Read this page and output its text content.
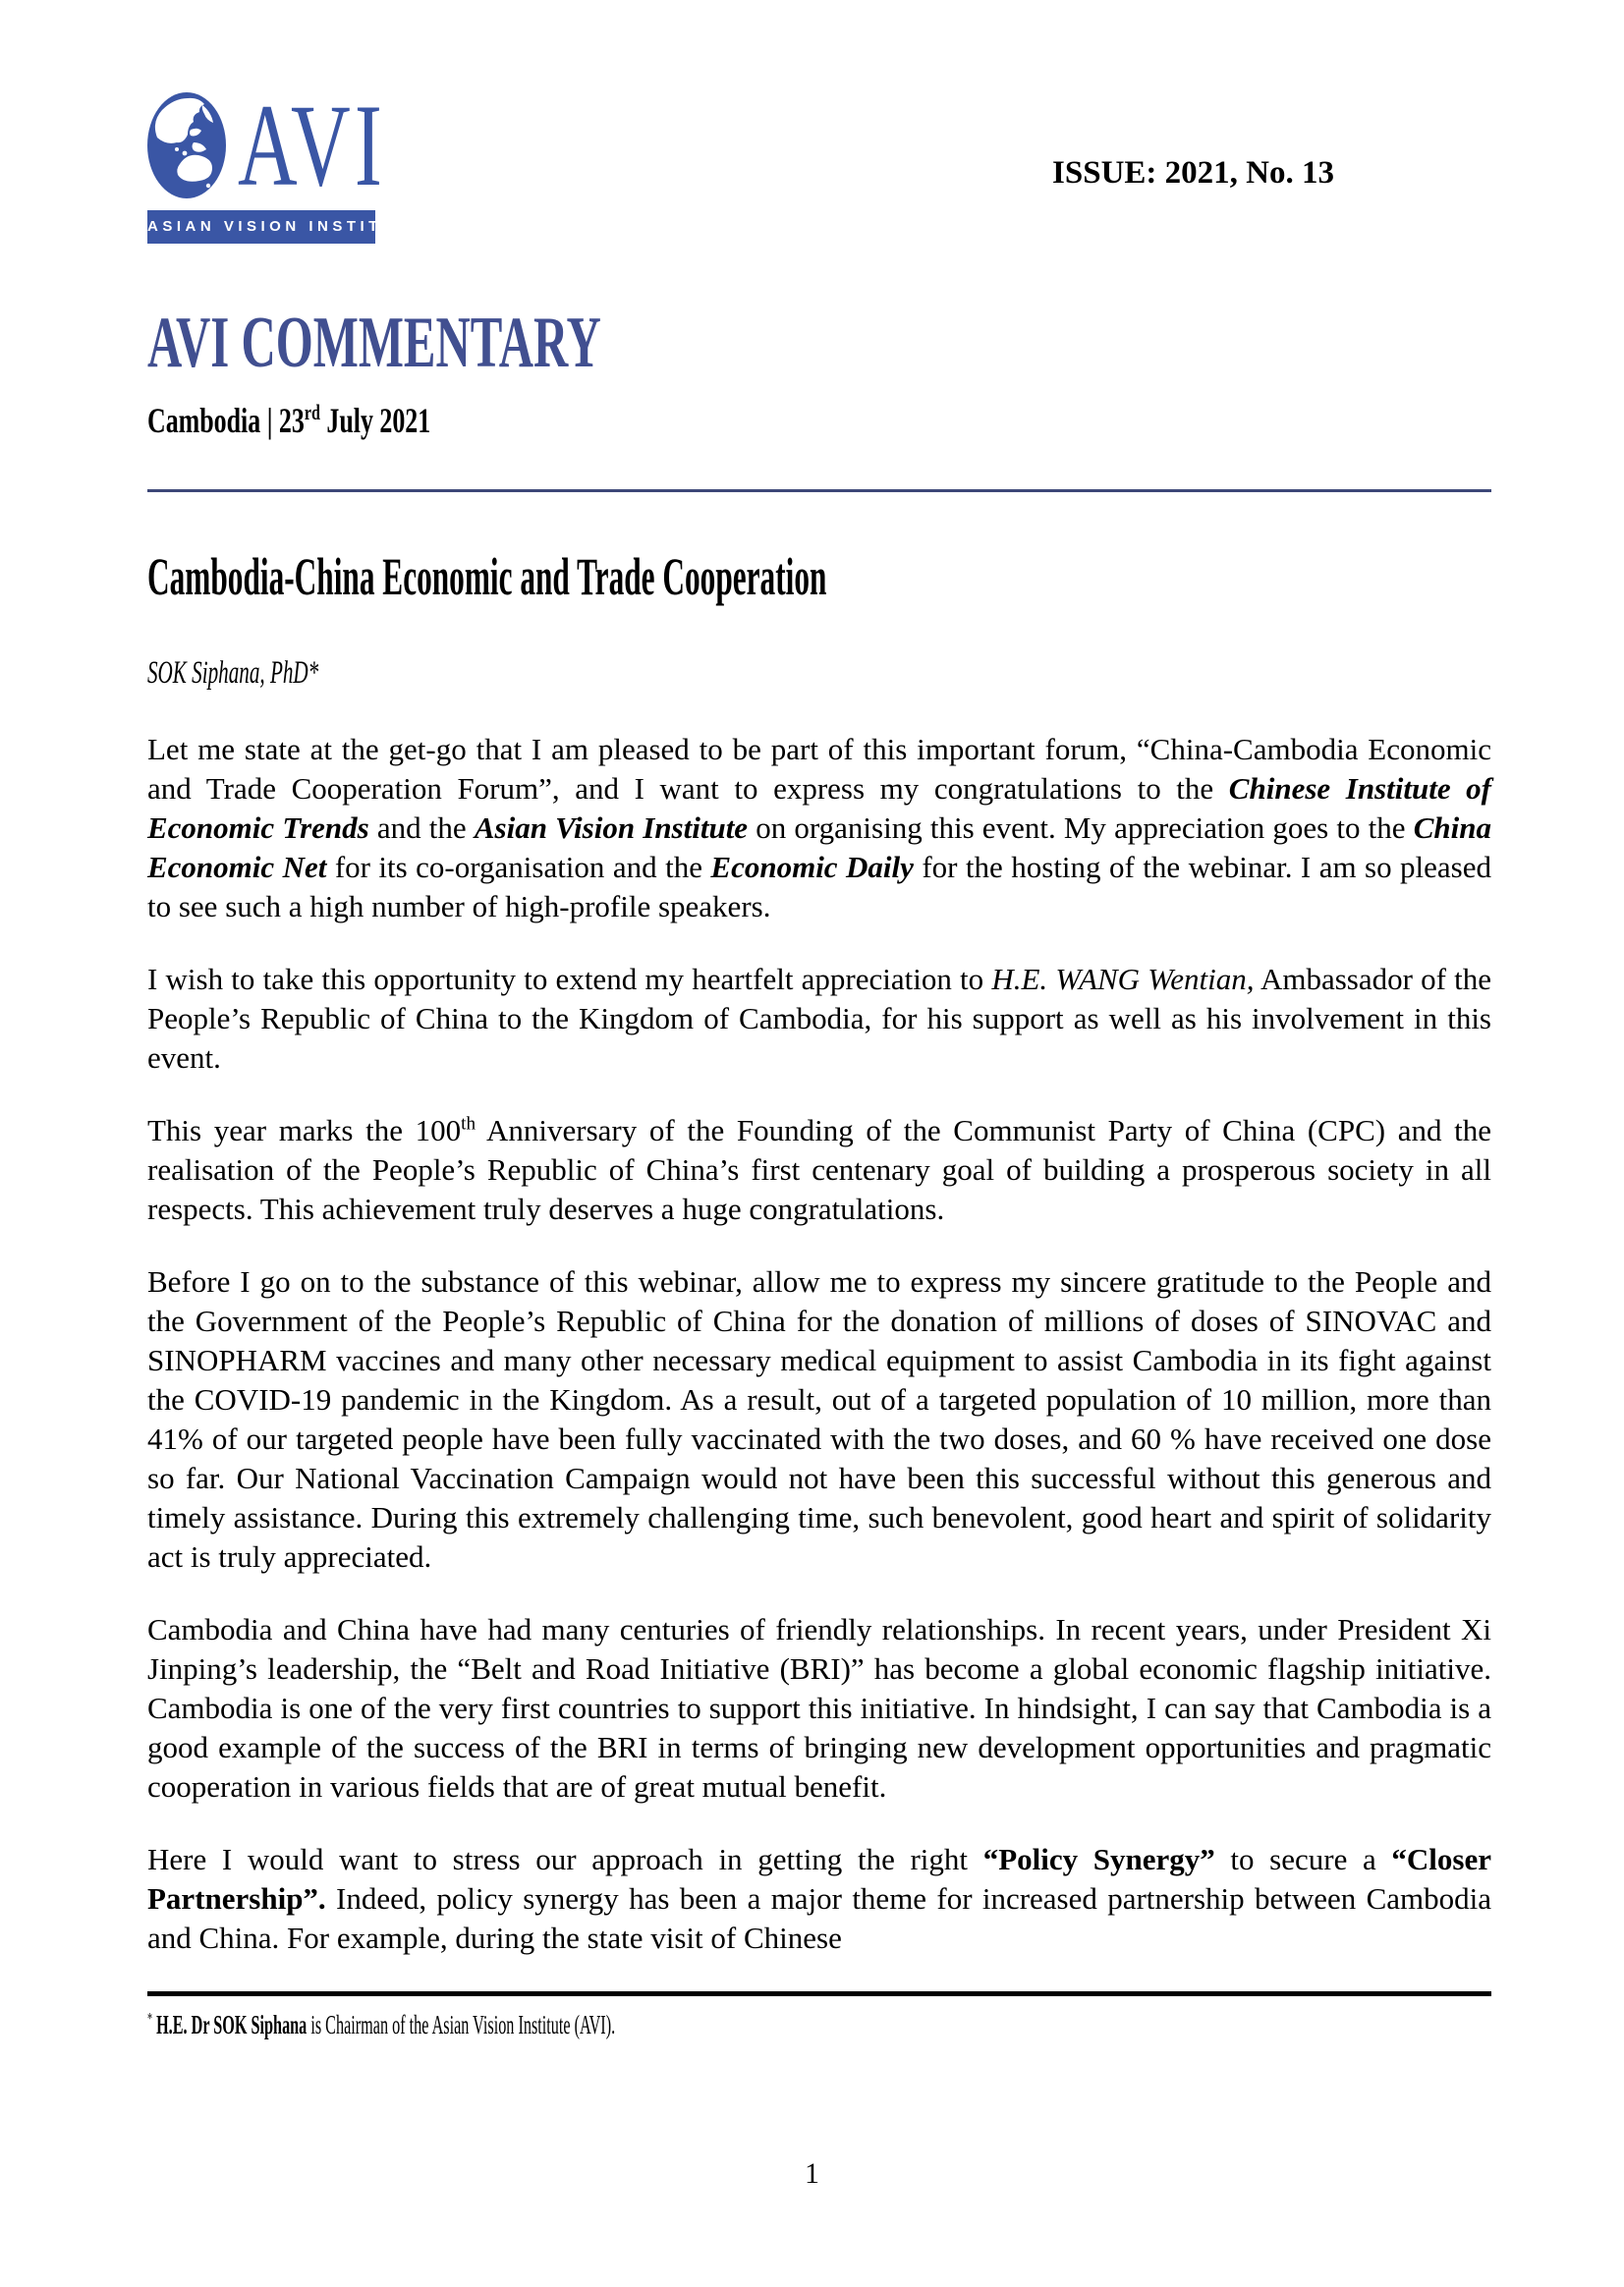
AVI
ASIAN VISION INSTITUTE
ISSUE: 2021, No. 13
AVI COMMENTARY
Cambodia | 23rd July 2021
Cambodia-China Economic and Trade Cooperation
SOK Siphana, PhD*

Let me state at the get-go that I am pleased to be part of this important forum, “China-Cambodia Economic and Trade Cooperation Forum”, and I want to express my congratulations to the Chinese Institute of Economic Trends and the Asian Vision Institute on organising this event. My appreciation goes to the China Economic Net for its co-organisation and the Economic Daily for the hosting of the webinar. I am so pleased to see such a high number of high-profile speakers.

I wish to take this opportunity to extend my heartfelt appreciation to H.E. WANG Wentian, Ambassador of the People’s Republic of China to the Kingdom of Cambodia, for his support as well as his involvement in this event.

This year marks the 100th Anniversary of the Founding of the Communist Party of China (CPC) and the realisation of the People’s Republic of China’s first centenary goal of building a prosperous society in all respects. This achievement truly deserves a huge congratulations.

Before I go on to the substance of this webinar, allow me to express my sincere gratitude to the People and the Government of the People’s Republic of China for the donation of millions of doses of SINOVAC and SINOPHARM vaccines and many other necessary medical equipment to assist Cambodia in its fight against the COVID-19 pandemic in the Kingdom. As a result, out of a targeted population of 10 million, more than 41% of our targeted people have been fully vaccinated with the two doses, and 60 % have received one dose so far. Our National Vaccination Campaign would not have been this successful without this generous and timely assistance. During this extremely challenging time, such benevolent, good heart and spirit of solidarity act is truly appreciated.

Cambodia and China have had many centuries of friendly relationships. In recent years, under President Xi Jinping’s leadership, the “Belt and Road Initiative (BRI)” has become a global economic flagship initiative. Cambodia is one of the very first countries to support this initiative. In hindsight, I can say that Cambodia is a good example of the success of the BRI in terms of bringing new development opportunities and pragmatic cooperation in various fields that are of great mutual benefit.

Here I would want to stress our approach in getting the right “Policy Synergy” to secure a “Closer Partnership”. Indeed, policy synergy has been a major theme for increased partnership between Cambodia and China. For example, during the state visit of Chinese

* H.E. Dr SOK Siphana is Chairman of the Asian Vision Institute (AVI).
1
